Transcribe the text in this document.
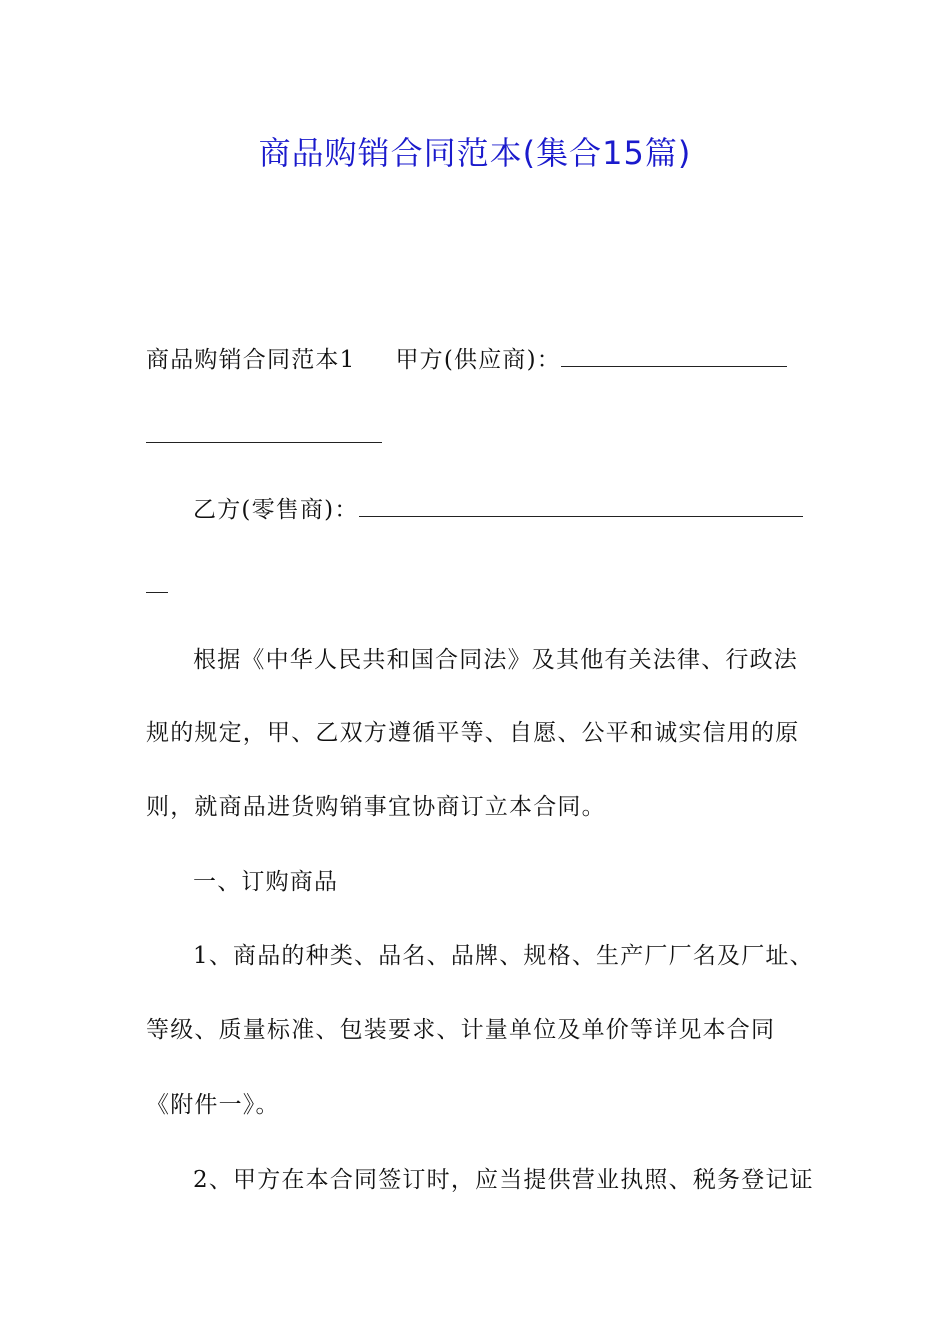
商品购销合同范本(集合15篇)
商品购销合同范本1 甲方(供应商)：
乙方(零售商)：
根据《中华人民共和国合同法》及其他有关法律、行政法
规的规定，甲、乙双方遵循平等、自愿、公平和诚实信用的原
则，就商品进货购销事宜协商订立本合同。
一、订购商品
1、商品的种类、品名、品牌、规格、生产厂厂名及厂址、
等级、质量标准、包装要求、计量单位及单价等详见本合同
《附件一》。
2、甲方在本合同签订时，应当提供营业执照、税务登记证
